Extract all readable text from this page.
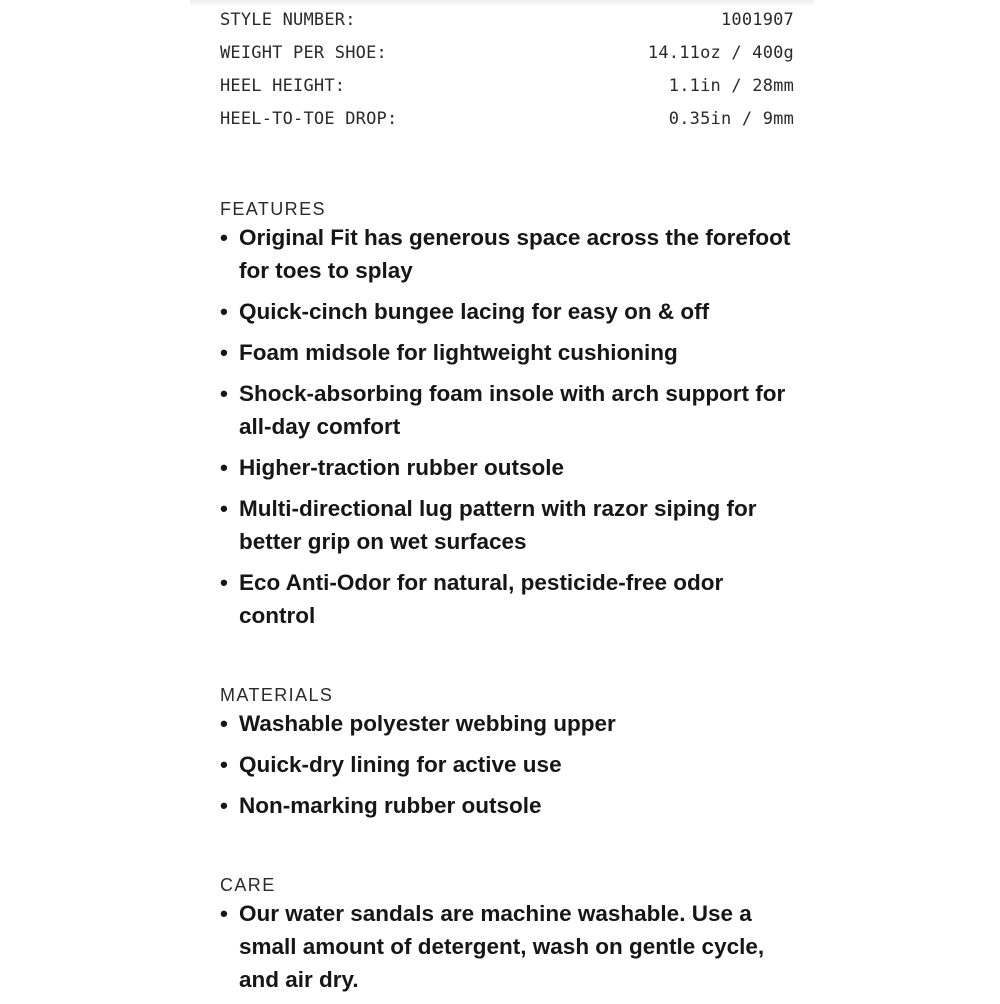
STYLE NUMBER:	1001907
WEIGHT PER SHOE:	14.11oz / 400g
HEEL HEIGHT:	1.1in / 28mm
HEEL-TO-TOE DROP:	0.35in / 9mm
FEATURES
• Original Fit has generous space across the forefoot for toes to splay
• Quick-cinch bungee lacing for easy on & off
• Foam midsole for lightweight cushioning
• Shock-absorbing foam insole with arch support for all-day comfort
• Higher-traction rubber outsole
• Multi-directional lug pattern with razor siping for better grip on wet surfaces
• Eco Anti-Odor for natural, pesticide-free odor control
MATERIALS
• Washable polyester webbing upper
• Quick-dry lining for active use
• Non-marking rubber outsole
CARE
• Our water sandals are machine washable. Use a small amount of detergent, wash on gentle cycle, and air dry.
